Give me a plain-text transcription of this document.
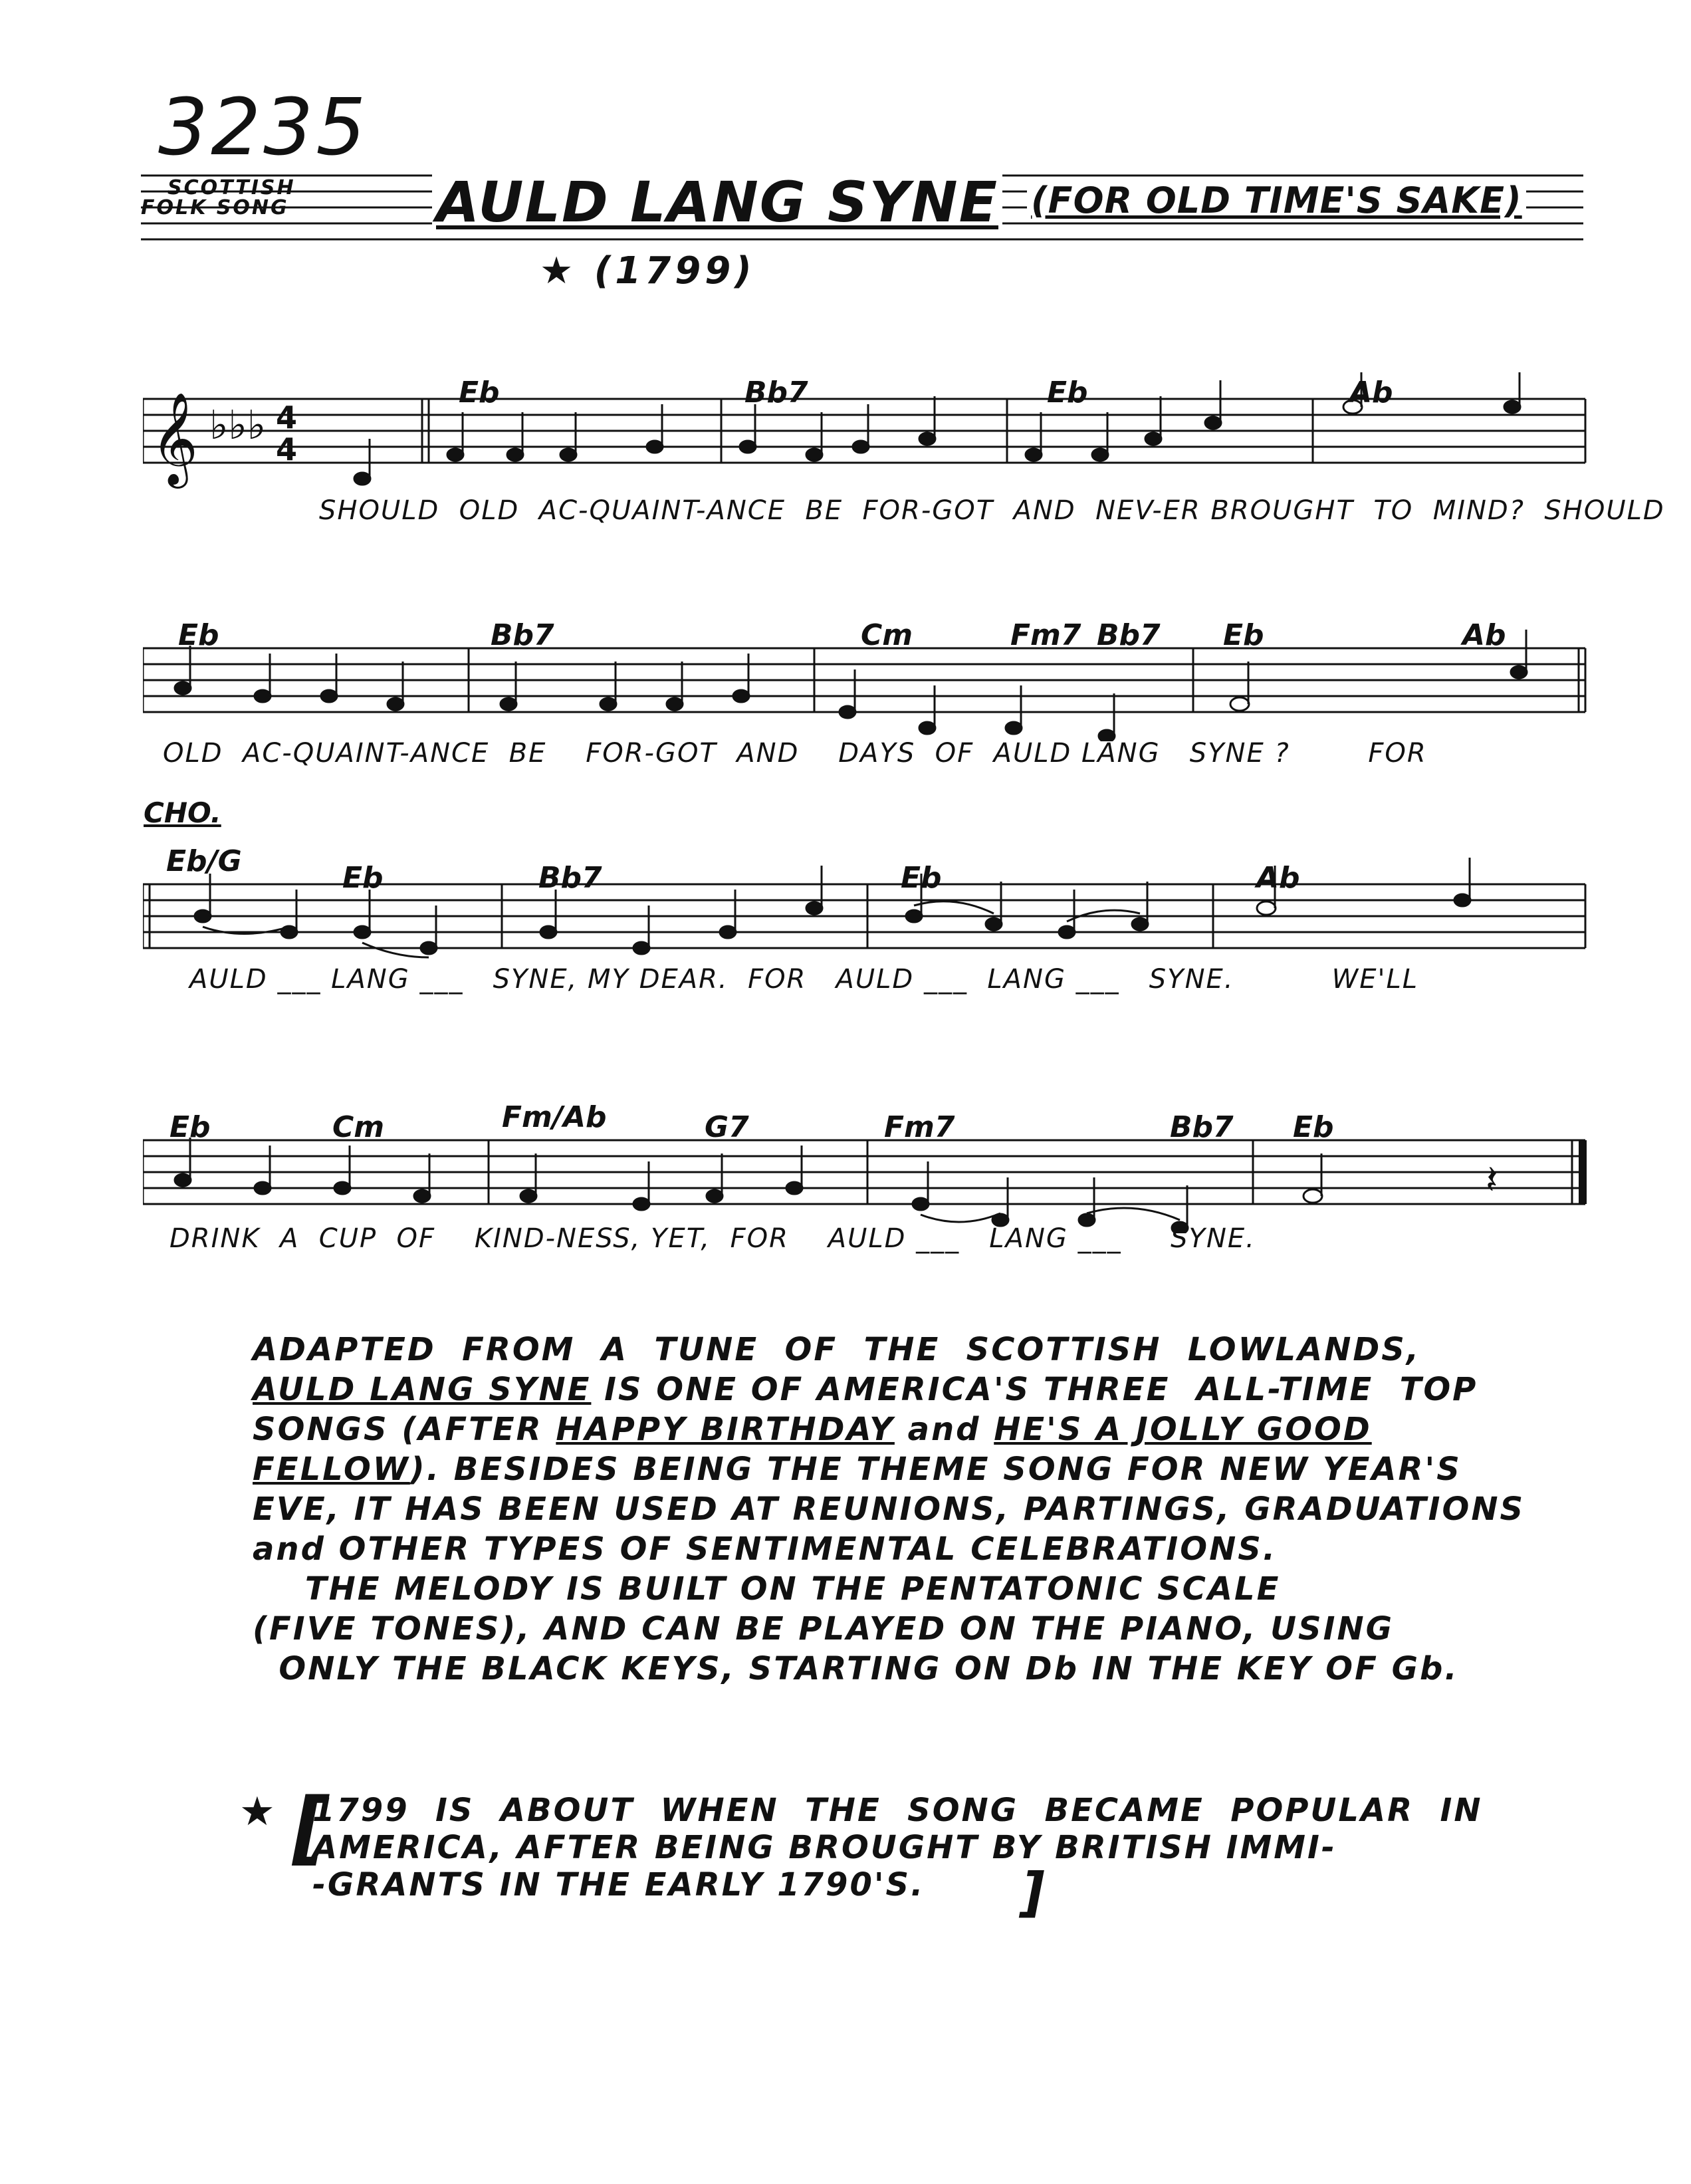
3235
SCOTTISH
FOLK SONG	AULD LANG SYNE (FOR OLD TIME'S SAKE)
★ (1799)
𝄞 ♭♭♭ 4
4
Eb	Bb7	Eb	Ab
SHOULD  OLD  AC-QUAINT-ANCE  BE  FOR-GOT  AND  NEV-ER BROUGHT  TO  MIND?  SHOULD
Eb	Bb7	Cm	Fm7 Bb7 Eb	Ab
OLD  AC-QUAINT-ANCE  BE    FOR-GOT  AND    DAYS  OF  AULD LANG   SYNE ?        FOR
CHO.
Eb/G	Eb	Bb7	Eb	Ab
AULD ___ LANG ___   SYNE, MY DEAR.  FOR   AULD ___  LANG ___   SYNE.          WE'LL
𝄽
Eb	Cm	Fm/Ab	G7	Fm7	Bb7 Eb
DRINK  A  CUP  OF    KIND-NESS, YET,  FOR    AULD ___   LANG ___     SYNE.

ADAPTED  FROM  A  TUNE  OF  THE  SCOTTISH  LOWLANDS,

AULD LANG SYNE IS ONE OF AMERICA'S THREE  ALL-TIME  TOP

SONGS (AFTER HAPPY BIRTHDAY and HE'S A JOLLY GOOD

FELLOW). BESIDES BEING THE THEME SONG FOR NEW YEAR'S

EVE, IT HAS BEEN USED AT REUNIONS, PARTINGS, GRADUATIONS

and OTHER TYPES OF SENTIMENTAL CELEBRATIONS.

THE MELODY IS BUILT ON THE PENTATONIC SCALE

(FIVE TONES), AND CAN BE PLAYED ON THE PIANO, USING

ONLY THE BLACK KEYS, STARTING ON Db IN THE KEY OF Gb.

★ [

1799  IS  ABOUT  WHEN  THE  SONG  BECAME  POPULAR  IN

AMERICA, AFTER BEING BROUGHT BY BRITISH IMMI-

-GRANTS IN THE EARLY 1790'S.	]
